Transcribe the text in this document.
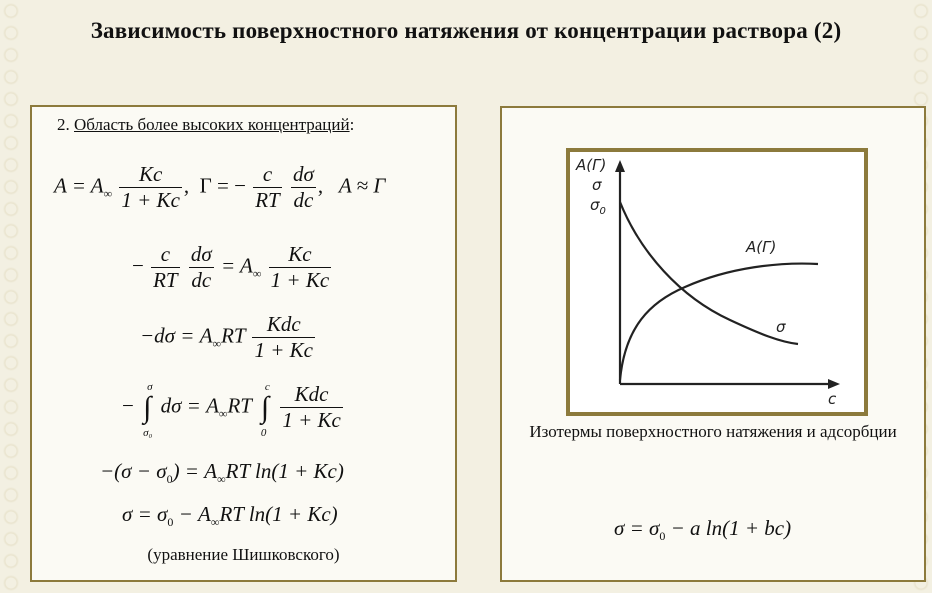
Зависимость поверхностного натяжения от концентрации раствора (2)
2. Область более высоких концентраций:
$A = A_\infty \frac{Kc}{1 + Kc}$ , Γ = − $\frac{c}{RT}$
$\frac{d\sigma}{dc}$ , A ≈ Γ
− $\frac{c}{RT}$
$\frac{d\sigma}{dc} = A_\infty \frac{Kc}{1 + Kc}$
$-d\sigma = A_\infty RT \frac{\text{Kdc}}{1 + Kc}$
− ∫
σ
σ₀
$d\sigma = A_\infty RT$ ∫
c
0
$\frac{\text{Kdc}}{1 + Kc}$
$-(\sigma - \sigma_0) = A_\infty RT$ ln(1 + Kc)
$\sigma = \sigma_0 - A_\infty RT$ ln(1 + Kc)
(уравнение Шишковского)
A(Γ)
σ
$\sigma_0$
c
A(Γ)
σ
Изотермы поверхностного натяжения и адсорбции
$\sigma = \sigma_0 - a$ ln(1 + bc)
